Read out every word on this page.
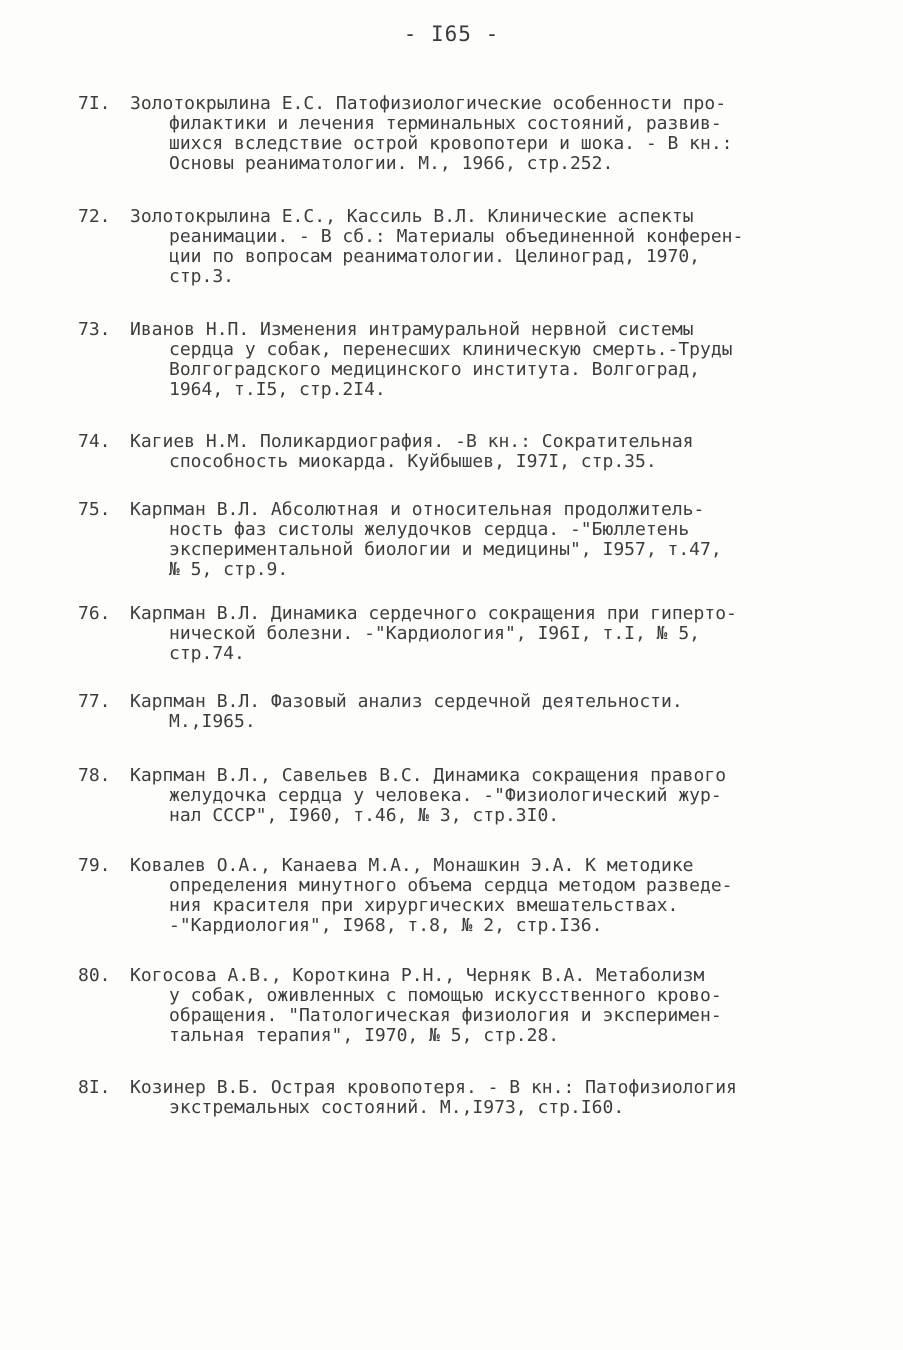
- I65 -
7I. Золотокрылина Е.С. Патофизиологические особенности про-
филактики и лечения терминальных состояний, развив-
шихся вследствие острой кровопотери и шока. - В кн.:
Основы реаниматологии. М., 1966, стр.252.
72. Золотокрылина Е.С., Кассиль В.Л. Клинические аспекты
реанимации. - В сб.: Материалы объединенной конферен-
ции по вопросам реаниматологии. Целиноград, 1970,
стр.3.
73. Иванов Н.П. Изменения интрамуральной нервной системы
сердца у собак, перенесших клиническую смерть.-Труды
Волгоградского медицинского института. Волгоград,
1964, т.I5, стр.2I4.
74. Кагиев Н.М. Поликардиография. -В кн.: Сократительная
способность миокарда. Куйбышев, I97I, стр.35.
75. Карпман В.Л. Абсолютная и относительная продолжитель-
ность фаз систолы желудочков сердца. -"Бюллетень
экспериментальной биологии и медицины", I957, т.47,
№ 5, стр.9.
76. Карпман В.Л. Динамика сердечного сокращения при гиперто-
нической болезни. -"Кардиология", I96I, т.I, № 5,
стр.74.
77. Карпман В.Л. Фазовый анализ сердечной деятельности.
М.,I965.
78. Карпман В.Л., Савельев В.С. Динамика сокращения правого
желудочка сердца у человека. -"Физиологический жур-
нал СССР", I960, т.46, № 3, стр.3I0.
79. Ковалев О.А., Канаева М.А., Монашкин Э.А. К методике
определения минутного объема сердца методом разведе-
ния красителя при хирургических вмешательствах.
-"Кардиология", I968, т.8, № 2, стр.I36.
80. Когосова А.В., Короткина Р.Н., Черняк В.А. Метаболизм
у собак, оживленных с помощью искусственного крово-
обращения. "Патологическая физиология и эксперимен-
тальная терапия", I970, № 5, стр.28.
8I. Козинер В.Б. Острая кровопотеря. - В кн.: Патофизиология
экстремальных состояний. М.,I973, стр.I60.
